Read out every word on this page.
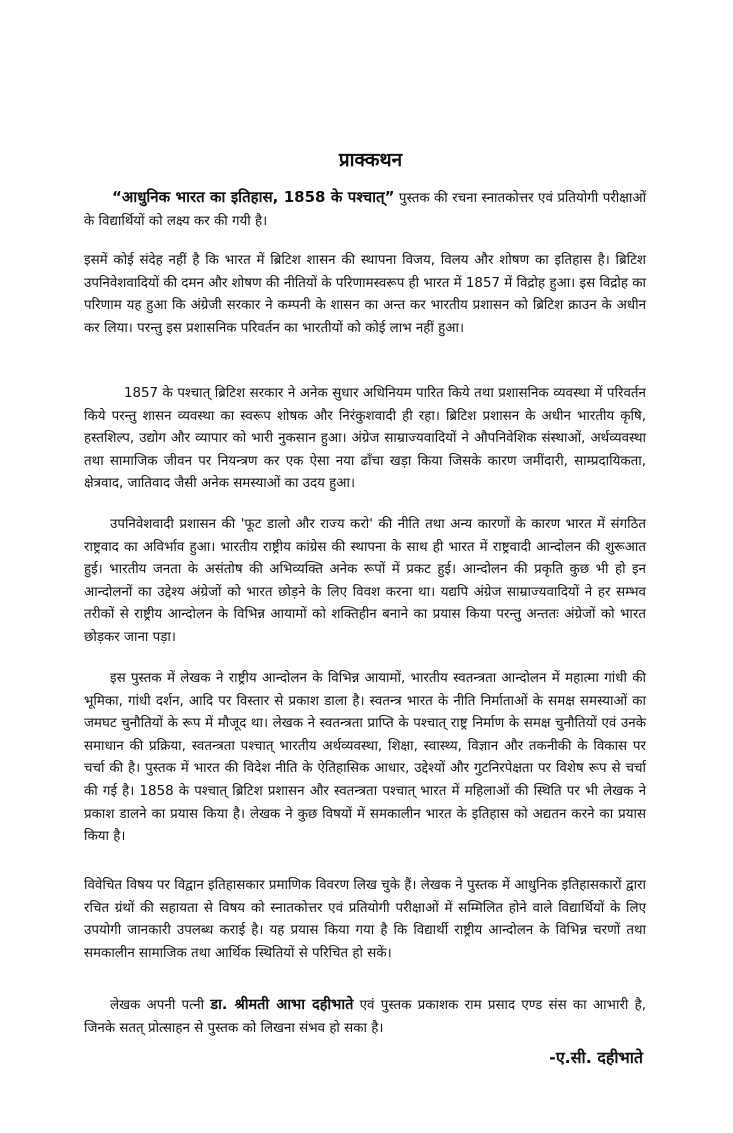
प्राक्कथन

“आधुनिक भारत का इतिहास, 1858 के पश्चात्” पुस्तक की रचना स्नातकोत्तर एवं प्रतियोगी परीक्षाओं के विद्यार्थियों को लक्ष्य कर की गयी है।

इसमें कोई संदेह नहीं है कि भारत में ब्रिटिश शासन की स्थापना विजय, विलय और शोषण का इतिहास है। ब्रिटिश उपनिवेशवादियों की दमन और शोषण की नीतियों के परिणामस्वरूप ही भारत में 1857 में विद्रोह हुआ। इस विद्रोह का परिणाम यह हुआ कि अंग्रेजी सरकार ने कम्पनी के शासन का अन्त कर भारतीय प्रशासन को ब्रिटिश क्राउन के अधीन कर लिया। परन्तु इस प्रशासनिक परिवर्तन का भारतीयों को कोई लाभ नहीं हुआ।

1857 के पश्चात् ब्रिटिश सरकार ने अनेक सुधार अधिनियम पारित किये तथा प्रशासनिक व्यवस्था में परिवर्तन किये परन्तु शासन व्यवस्था का स्वरूप शोषक और निरंकुशवादी ही रहा। ब्रिटिश प्रशासन के अधीन भारतीय कृषि, हस्तशिल्प, उद्योग और व्यापार को भारी नुकसान हुआ। अंग्रेज साम्राज्यवादियों ने औपनिवेशिक संस्थाओं, अर्थव्यवस्था तथा सामाजिक जीवन पर नियन्त्रण कर एक ऐसा नया ढाँचा खड़ा किया जिसके कारण जमींदारी, साम्प्रदायिकता, क्षेत्रवाद, जातिवाद जैसी अनेक समस्याओं का उदय हुआ।

उपनिवेशवादी प्रशासन की 'फूट डालो और राज्य करो' की नीति तथा अन्य कारणों के कारण भारत में संगठित राष्ट्रवाद का अविर्भाव हुआ। भारतीय राष्ट्रीय कांग्रेस की स्थापना के साथ ही भारत में राष्ट्रवादी आन्दोलन की शुरूआत हुई। भारतीय जनता के असंतोष की अभिव्यक्ति अनेक रूपों में प्रकट हुई। आन्दोलन की प्रकृति कुछ भी हो इन आन्दोलनों का उद्देश्य अंग्रेजों को भारत छोड़ने के लिए विवश करना था। यद्यपि अंग्रेज साम्राज्यवादियों ने हर सम्भव तरीकों से राष्ट्रीय आन्दोलन के विभिन्न आयामों को शक्तिहीन बनाने का प्रयास किया परन्तु अन्ततः अंग्रेजों को भारत छोड़कर जाना पड़ा।

इस पुस्तक में लेखक ने राष्ट्रीय आन्दोलन के विभिन्न आयामों, भारतीय स्वतन्त्रता आन्दोलन में महात्मा गांधी की भूमिका, गांधी दर्शन, आदि पर विस्तार से प्रकाश डाला है। स्वतन्त्र भारत के नीति निर्माताओं के समक्ष समस्याओं का जमघट चुनौतियों के रूप में मौजूद था। लेखक ने स्वतन्त्रता प्राप्ति के पश्चात् राष्ट्र निर्माण के समक्ष चुनौतियों एवं उनके समाधान की प्रक्रिया, स्वतन्त्रता पश्चात् भारतीय अर्थव्यवस्था, शिक्षा, स्वास्थ्य, विज्ञान और तकनीकी के विकास पर चर्चा की है। पुस्तक में भारत की विदेश नीति के ऐतिहासिक आधार, उद्देश्यों और गुटनिरपेक्षता पर विशेष रूप से चर्चा की गई है। 1858 के पश्चात् ब्रिटिश प्रशासन और स्वतन्त्रता पश्चात् भारत में महिलाओं की स्थिति पर भी लेखक ने प्रकाश डालने का प्रयास किया है। लेखक ने कुछ विषयों में समकालीन भारत के इतिहास को अद्यतन करने का प्रयास किया है।

विवेचित विषय पर विद्वान इतिहासकार प्रमाणिक विवरण लिख चुके हैं। लेखक ने पुस्तक में आधुनिक इतिहासकारों द्वारा रचित ग्रंथों की सहायता से विषय को स्नातकोत्तर एवं प्रतियोगी परीक्षाओं में सम्मिलित होने वाले विद्यार्थियों के लिए उपयोगी जानकारी उपलब्ध कराई है। यह प्रयास किया गया है कि विद्यार्थी राष्ट्रीय आन्दोलन के विभिन्न चरणों तथा समकालीन सामाजिक तथा आर्थिक स्थितियों से परिचित हो सकें।

लेखक अपनी पत्नी डा. श्रीमती आभा दहीभाते एवं पुस्तक प्रकाशक राम प्रसाद एण्ड संस का आभारी है, जिनके सतत् प्रोत्साहन से पुस्तक को लिखना संभव हो सका है।

-ए.सी. दहीभाते
